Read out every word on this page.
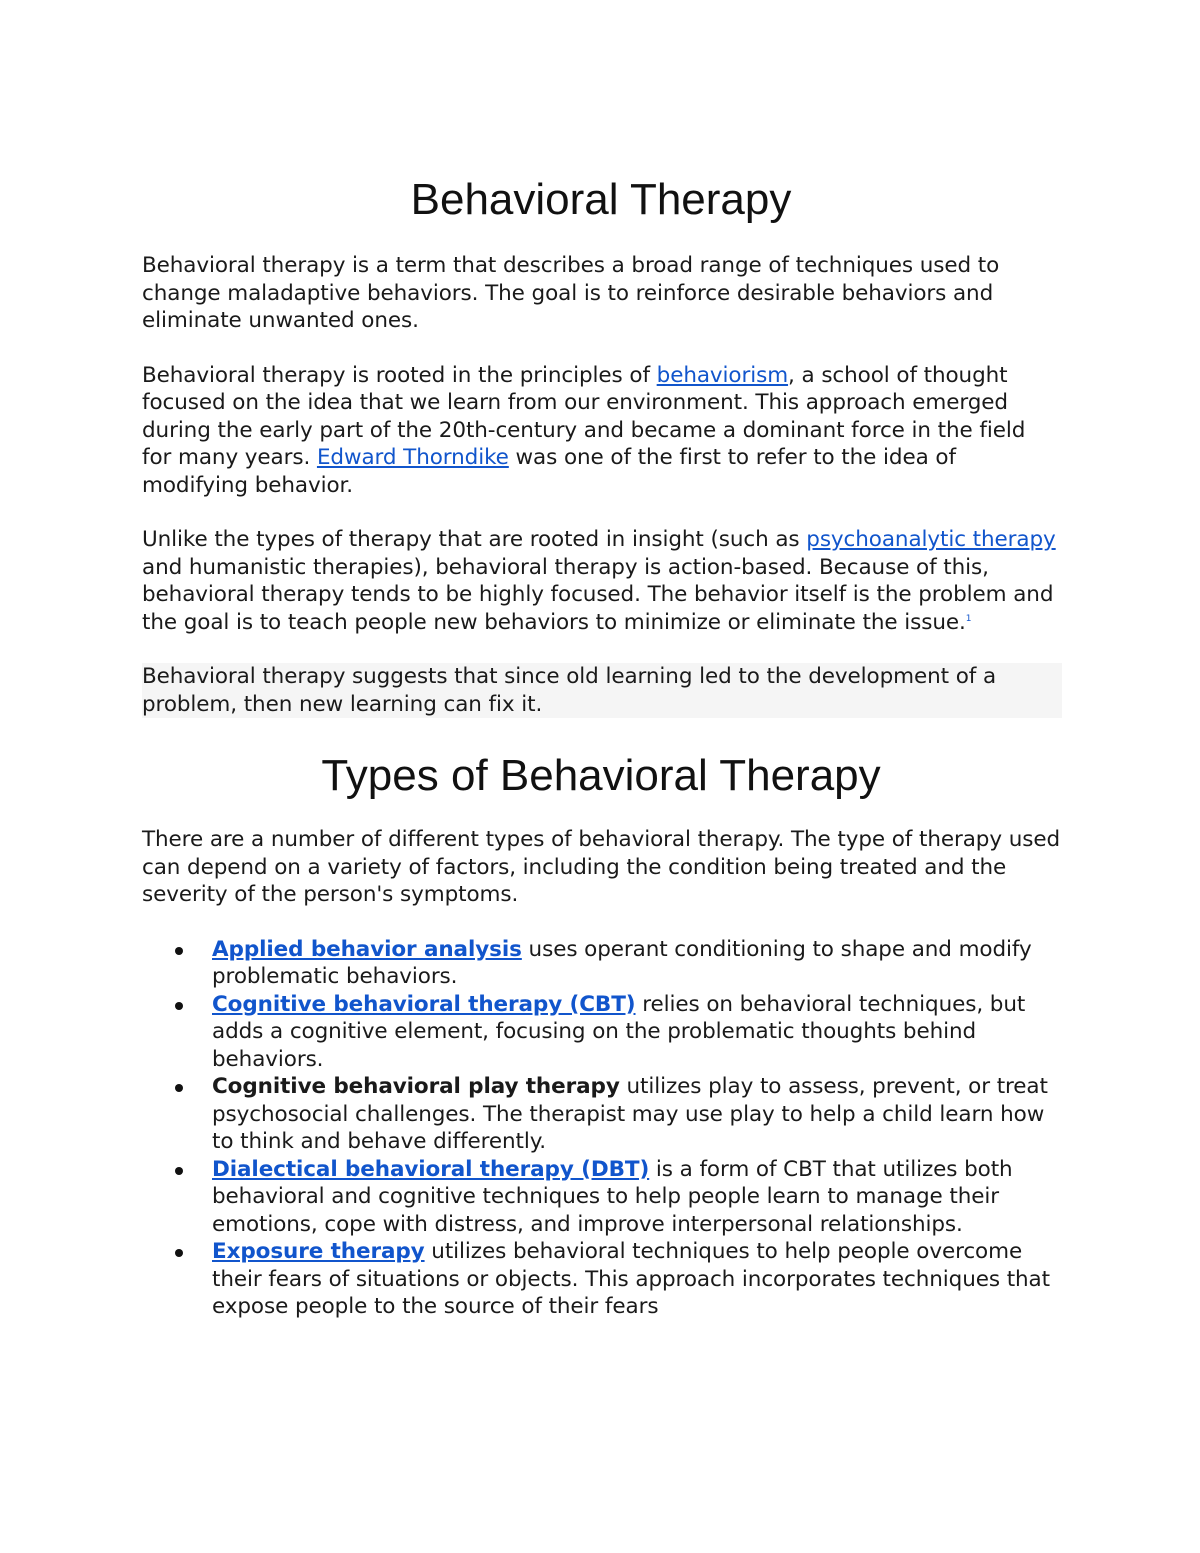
Behavioral Therapy

Behavioral therapy is a term that describes a broad range of techniques used to change maladaptive behaviors. The goal is to reinforce desirable behaviors and eliminate unwanted ones.

Behavioral therapy is rooted in the principles of behaviorism, a school of thought focused on the idea that we learn from our environment. This approach emerged during the early part of the 20th-century and became a dominant force in the field for many years. Edward Thorndike was one of the first to refer to the idea of modifying behavior.

Unlike the types of therapy that are rooted in insight (such as psychoanalytic therapy and humanistic therapies), behavioral therapy is action-based. Because of this, behavioral therapy tends to be highly focused. The behavior itself is the problem and the goal is to teach people new behaviors to minimize or eliminate the issue.$^1$

Behavioral therapy suggests that since old learning led to the development of a problem, then new learning can fix it.

Types of Behavioral Therapy

There are a number of different types of behavioral therapy. The type of therapy used can depend on a variety of factors, including the condition being treated and the severity of the person's symptoms.

Applied behavior analysis uses operant conditioning to shape and modify problematic behaviors.
Cognitive behavioral therapy (CBT) relies on behavioral techniques, but adds a cognitive element, focusing on the problematic thoughts behind behaviors.
Cognitive behavioral play therapy utilizes play to assess, prevent, or treat psychosocial challenges. The therapist may use play to help a child learn how to think and behave differently.
Dialectical behavioral therapy (DBT) is a form of CBT that utilizes both behavioral and cognitive techniques to help people learn to manage their emotions, cope with distress, and improve interpersonal relationships.
Exposure therapy utilizes behavioral techniques to help people overcome their fears of situations or objects. This approach incorporates techniques that expose people to the source of their fears
